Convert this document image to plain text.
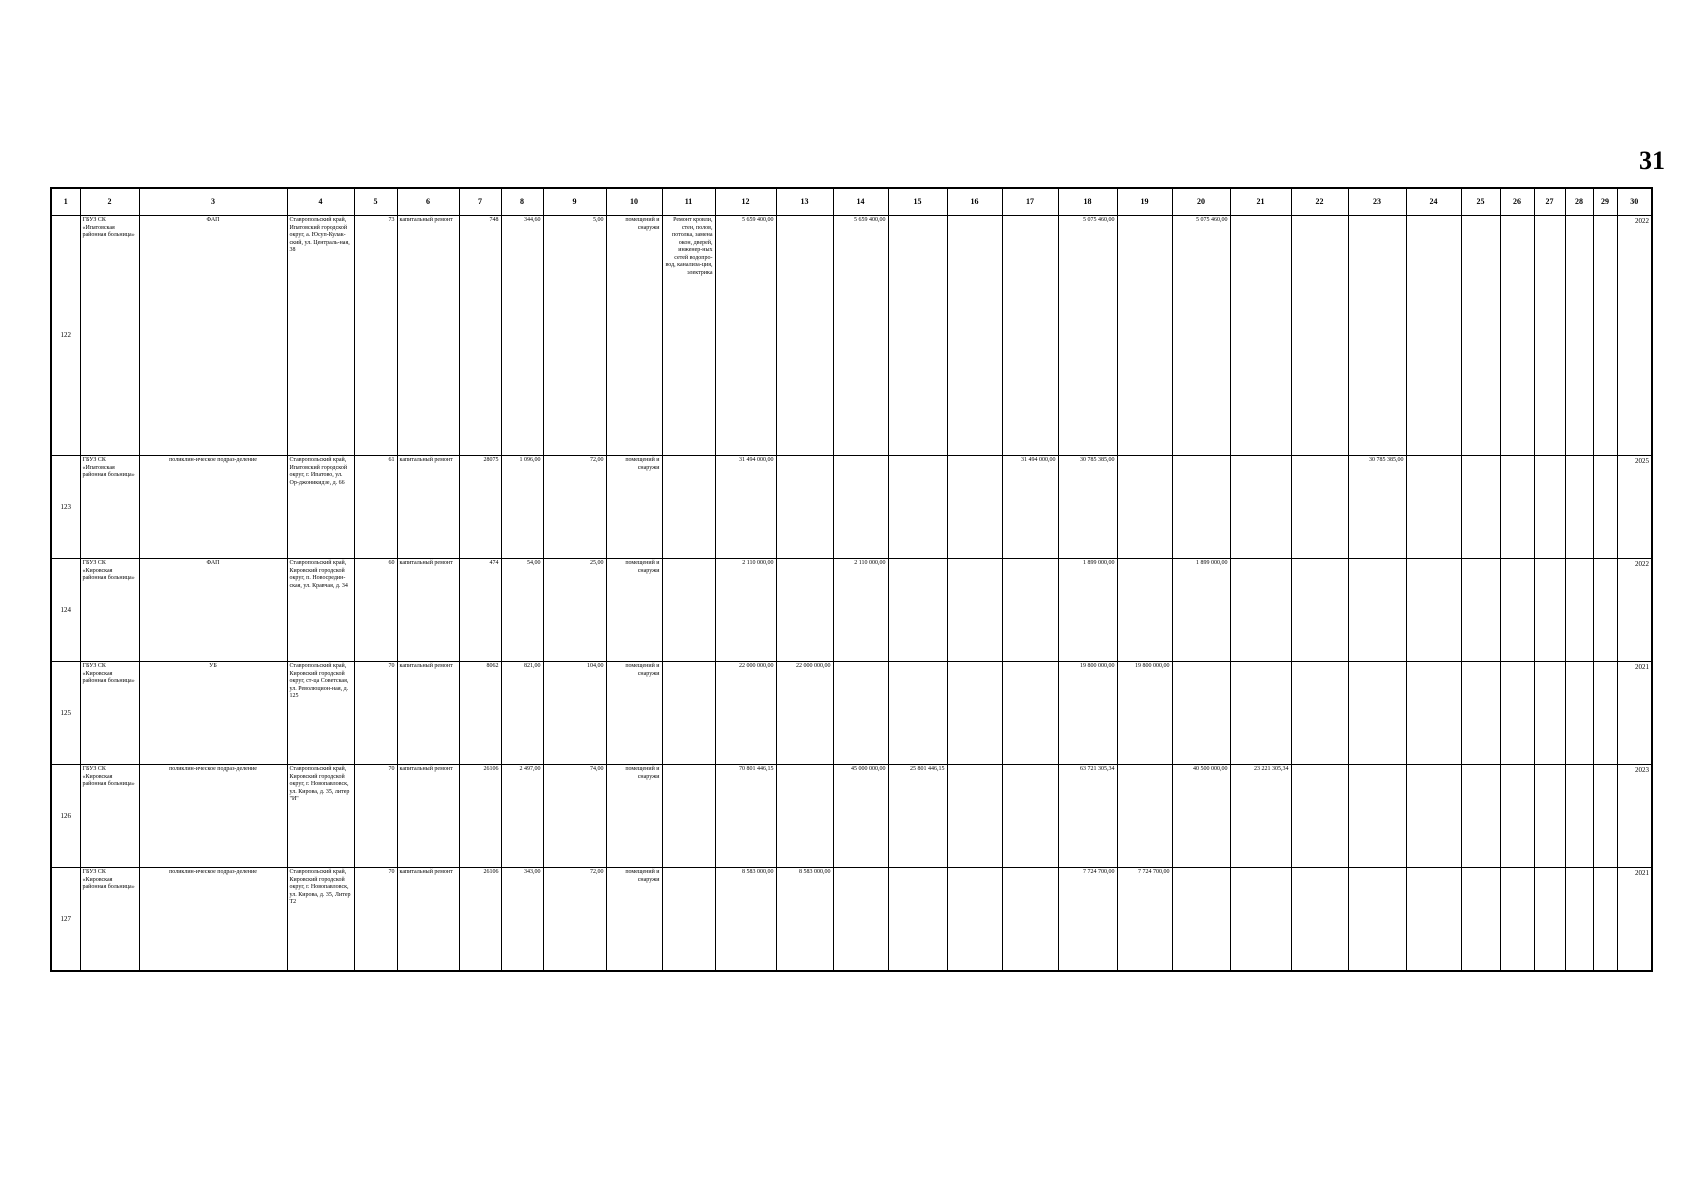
31
1	2	3	4	5	6	7	8	9	10	11	12	13	14	15	16	17	18	19	20	21	22	23	24	25	26	27	28	29	30
122	ГБУЗ СК «Ипатовская районная больница»	ФАП	Ставропольский край, Ипатовский городской округ, а. Юсуп-Кулак-ский, ул. Централь-ная, 38	73	капитальный ремонт	748	344,60	5,00	помещений и снаружи	Ремонт кровли, стен, полов, потолка, замена окон, дверей, инженер-ных сетей водопро-вод, канализа-ция, электрика	5 659 400,00		5 659 400,00				5 075 460,00		5 075 460,00										2022
123	ГБУЗ СК «Ипатовская районная больница»	поликлин-ическое подраз-деление	Ставропольский край, Ипатовский городской округ, г. Ипатово, ул. Ор-джоникидзе, д. 66	61	капитальный ремонт	28075	1 096,00	72,00	помещений и снаружи		31 494 000,00					31 494 000,00	30 785 385,00					30 785 385,00							2025
124	ГБУЗ СК «Кировская районная больница»	ФАП	Ставропольский край, Кировский городской округ, п. Новосредин-ская, ул. Кравчая, д. 34	60	капитальный ремонт	474	54,00	25,00	помещений и снаружи		2 110 000,00		2 110 000,00				1 899 000,00		1 899 000,00										2022
125	ГБУЗ СК «Кировская районная больница»	УБ	Ставропольский край, Кировский городской округ, ст-ца Советская, ул. Революцион-ная, д. 125	70	капитальный ремонт	8062	821,00	104,00	помещений и снаружи		22 000 000,00	22 000 000,00					19 800 000,00	19 800 000,00											2021
126	ГБУЗ СК «Кировская районная больница»	поликлин-ическое подраз-деление	Ставропольский край, Кировский городской округ, г. Новопавловск, ул. Кирова, д. 35, литер "И"	70	капитальный ремонт	26106	2 497,00	74,00	помещений и снаружи		70 801 446,15		45 000 000,00	25 801 446,15			63 721 305,34		40 500 000,00	23 221 305,34									2023
127	ГБУЗ СК «Кировская районная больница»	поликлин-ическое подраз-деление	Ставропольский край, Кировский городской округ, г. Новопавловск, ул. Кирова, д. 35, Литер Т2	70	капитальный ремонт	26106	343,00	72,00	помещений и снаружи		8 583 000,00	8 583 000,00					7 724 700,00	7 724 700,00											2021
